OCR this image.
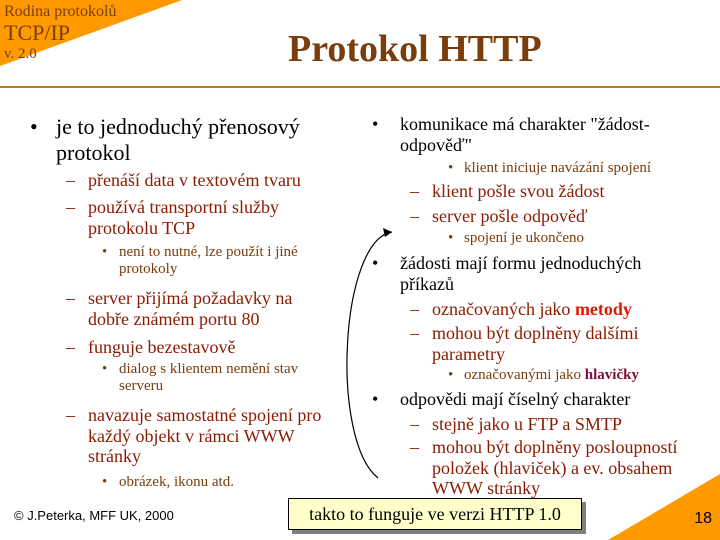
Rodina protokolů
TCP/IP
v. 2.0	Protokol HTTP
• je to jednoduchý přenosový protokol
– přenáší data v textovém tvaru
– používá transportní služby protokolu TCP
• není to nutné, lze použít i jiné protokoly
– server přijímá požadavky na dobře známém portu 80
– funguje bezestavově
• dialog s klientem nemění stav serveru
– navazuje samostatné spojení pro každý objekt v rámci WWW stránky
• obrázek, ikonu atd.
• komunikace má charakter "žádost-odpověď"
• klient iniciuje navázání spojení
– klient pošle svou žádost
– server pošle odpověď
• spojení je ukončeno
• žádosti mají formu jednoduchých příkazů
– označovaných jako metody
– mohou být doplněny dalšími parametry
• označovanými jako hlavičky
• odpovědi mají číselný charakter
– stejně jako u FTP a SMTP
– mohou být doplněny posloupností položek (hlaviček) a ev. obsahem WWW stránky
© J.Peterka, MFF UK, 2000	takto to funguje ve verzi HTTP 1.0	18
